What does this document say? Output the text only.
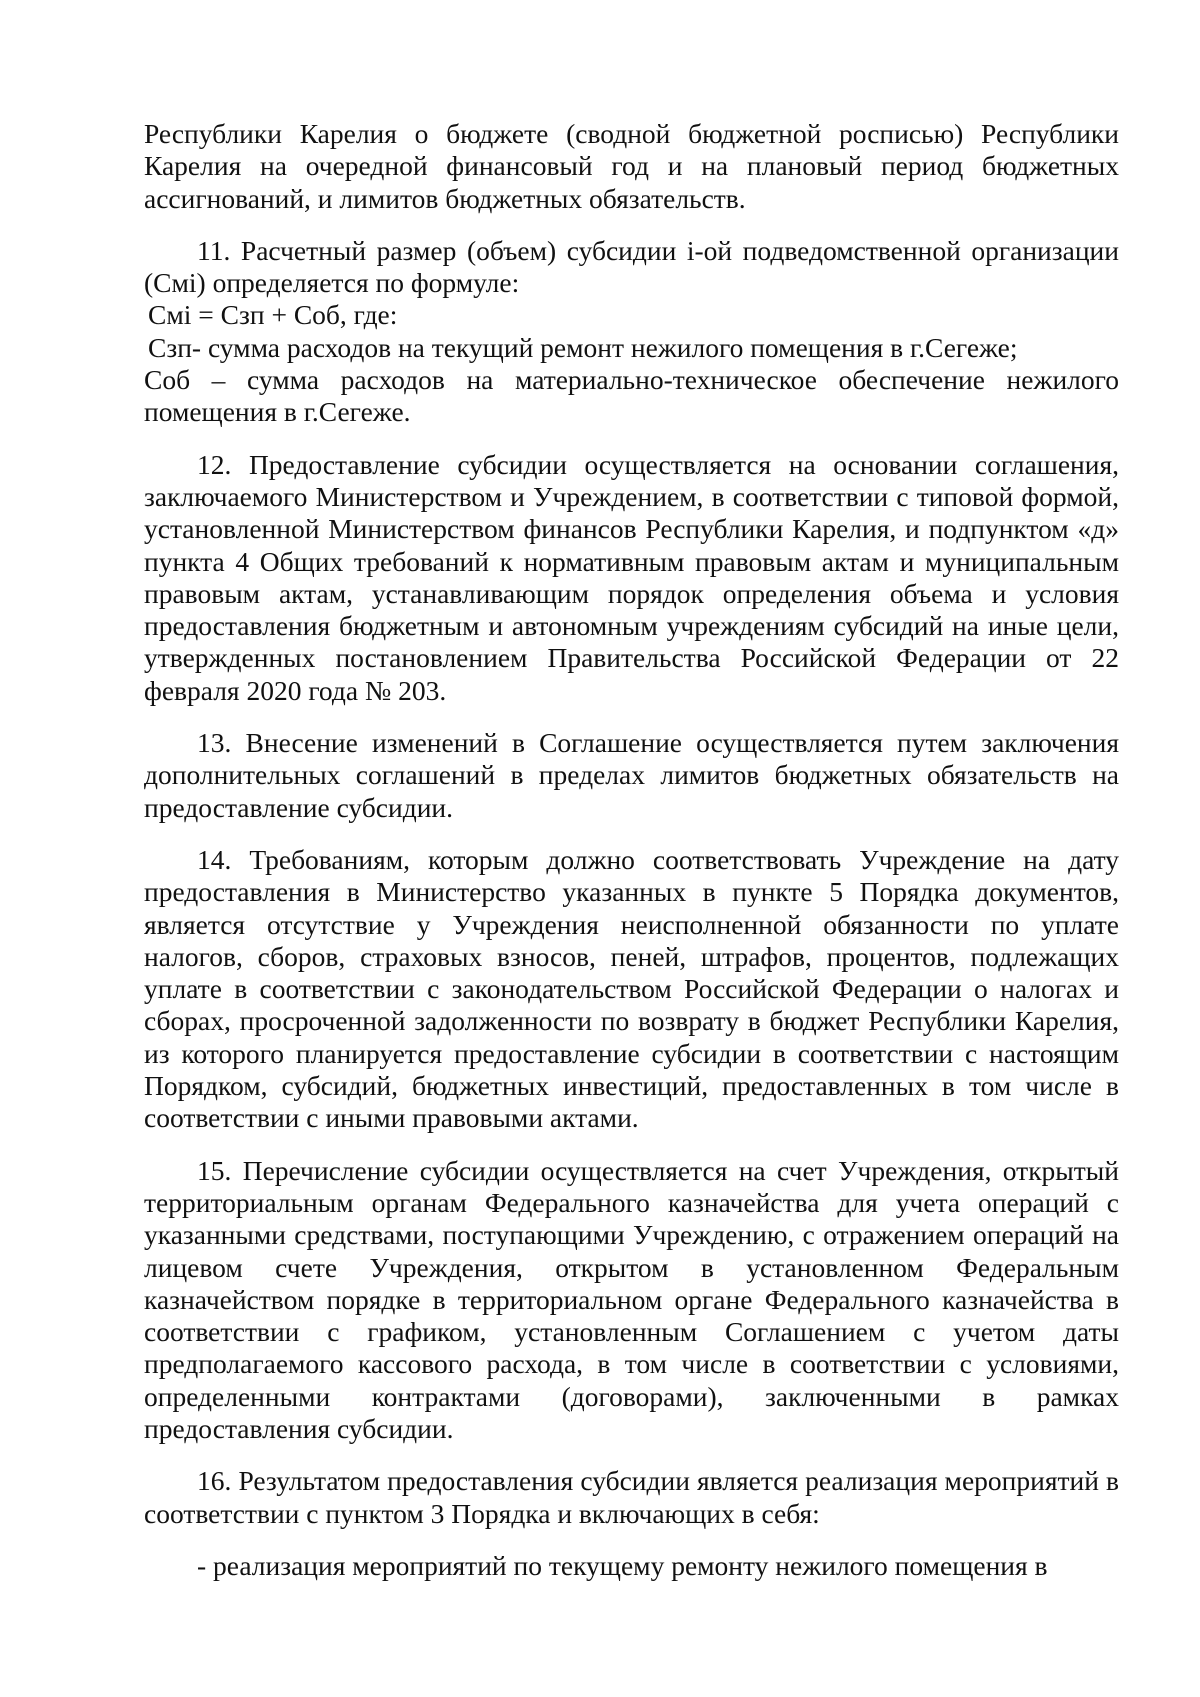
Республики Карелия о бюджете (сводной бюджетной росписью) Республики Карелия на очередной финансовый год и на плановый период бюджетных ассигнований, и лимитов бюджетных обязательств.

11. Расчетный размер (объем) субсидии i-ой подведомственной организации (Смi) определяется по формуле:

Смi = Сзп + Соб, где:

Сзп- сумма расходов на текущий ремонт нежилого помещения в г.Сегеже;

Соб – сумма расходов на материально-техническое обеспечение нежилого помещения в г.Сегеже.

12. Предоставление субсидии осуществляется на основании соглашения, заключаемого Министерством и Учреждением, в соответствии с типовой формой, установленной Министерством финансов Республики Карелия, и подпунктом «д» пункта 4 Общих требований к нормативным правовым актам и муниципальным правовым актам, устанавливающим порядок определения объема и условия предоставления бюджетным и автономным учреждениям субсидий на иные цели, утвержденных постановлением Правительства Российской Федерации от 22 февраля 2020 года № 203.

13. Внесение изменений в Соглашение осуществляется путем заключения дополнительных соглашений в пределах лимитов бюджетных обязательств на предоставление субсидии.

14. Требованиям, которым должно соответствовать Учреждение на дату предоставления в Министерство указанных в пункте 5 Порядка документов, является отсутствие у Учреждения неисполненной обязанности по уплате налогов, сборов, страховых взносов, пеней, штрафов, процентов, подлежащих уплате в соответствии с законодательством Российской Федерации о налогах и сборах, просроченной задолженности по возврату в бюджет Республики Карелия, из которого планируется предоставление субсидии в соответствии с настоящим Порядком, субсидий, бюджетных инвестиций, предоставленных в том числе в соответствии с иными правовыми актами.

15. Перечисление субсидии осуществляется на счет Учреждения, открытый территориальным органам Федерального казначейства для учета операций с указанными средствами, поступающими Учреждению, с отражением операций на лицевом счете Учреждения, открытом в установленном Федеральным казначейством порядке в территориальном органе Федерального казначейства в соответствии с графиком, установленным Соглашением с учетом даты предполагаемого кассового расхода, в том числе в соответствии с условиями, определенными контрактами (договорами), заключенными в рамках предоставления субсидии.

16. Результатом предоставления субсидии является реализация мероприятий в соответствии с пунктом 3 Порядка и включающих в себя:

- реализация мероприятий по текущему ремонту нежилого помещения в
